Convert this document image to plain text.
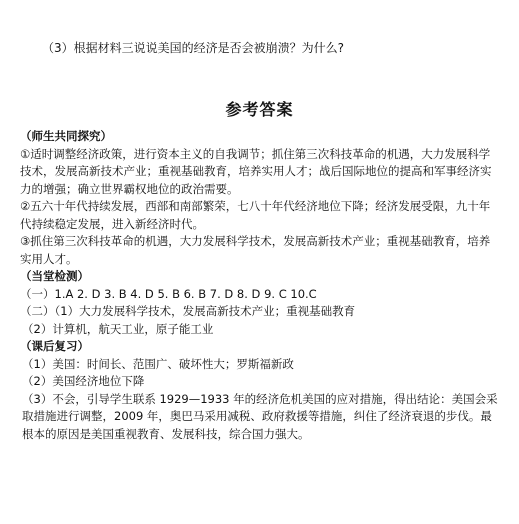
（3）根据材料三说说美国的经济是否会被崩溃？为什么?
参考答案

（师生共同探究）

①适时调整经济政策，进行资本主义的自我调节；抓住第三次科技革命的机遇，大力发展科学技术，发展高新技术产业；重视基础教育，培养实用人才；战后国际地位的提高和军事经济实力的增强；确立世界霸权地位的政治需要。

②五六十年代持续发展，西部和南部繁荣，七八十年代经济地位下降；经济发展受限，九十年代持续稳定发展，进入新经济时代。

③抓住第三次科技革命的机遇，大力发展科学技术，发展高新技术产业；重视基础教育，培养实用人才。

（当堂检测）

（一）1.A 2. D 3. B 4. D 5. B 6. B 7. D 8. D 9. C 10.C

（二）（1）大力发展科学技术，发展高新技术产业；重视基础教育

（2）计算机，航天工业，原子能工业

（课后复习）

（1）美国：时间长、范围广、破坏性大；罗斯福新政

（2）美国经济地位下降

（3）不会，引导学生联系 1929—1933 年的经济危机美国的应对措施，得出结论：美国会采取措施进行调整，2009 年，奥巴马采用减税、政府救援等措施，纠住了经济衰退的步伐。最根本的原因是美国重视教育、发展科技，综合国力强大。
